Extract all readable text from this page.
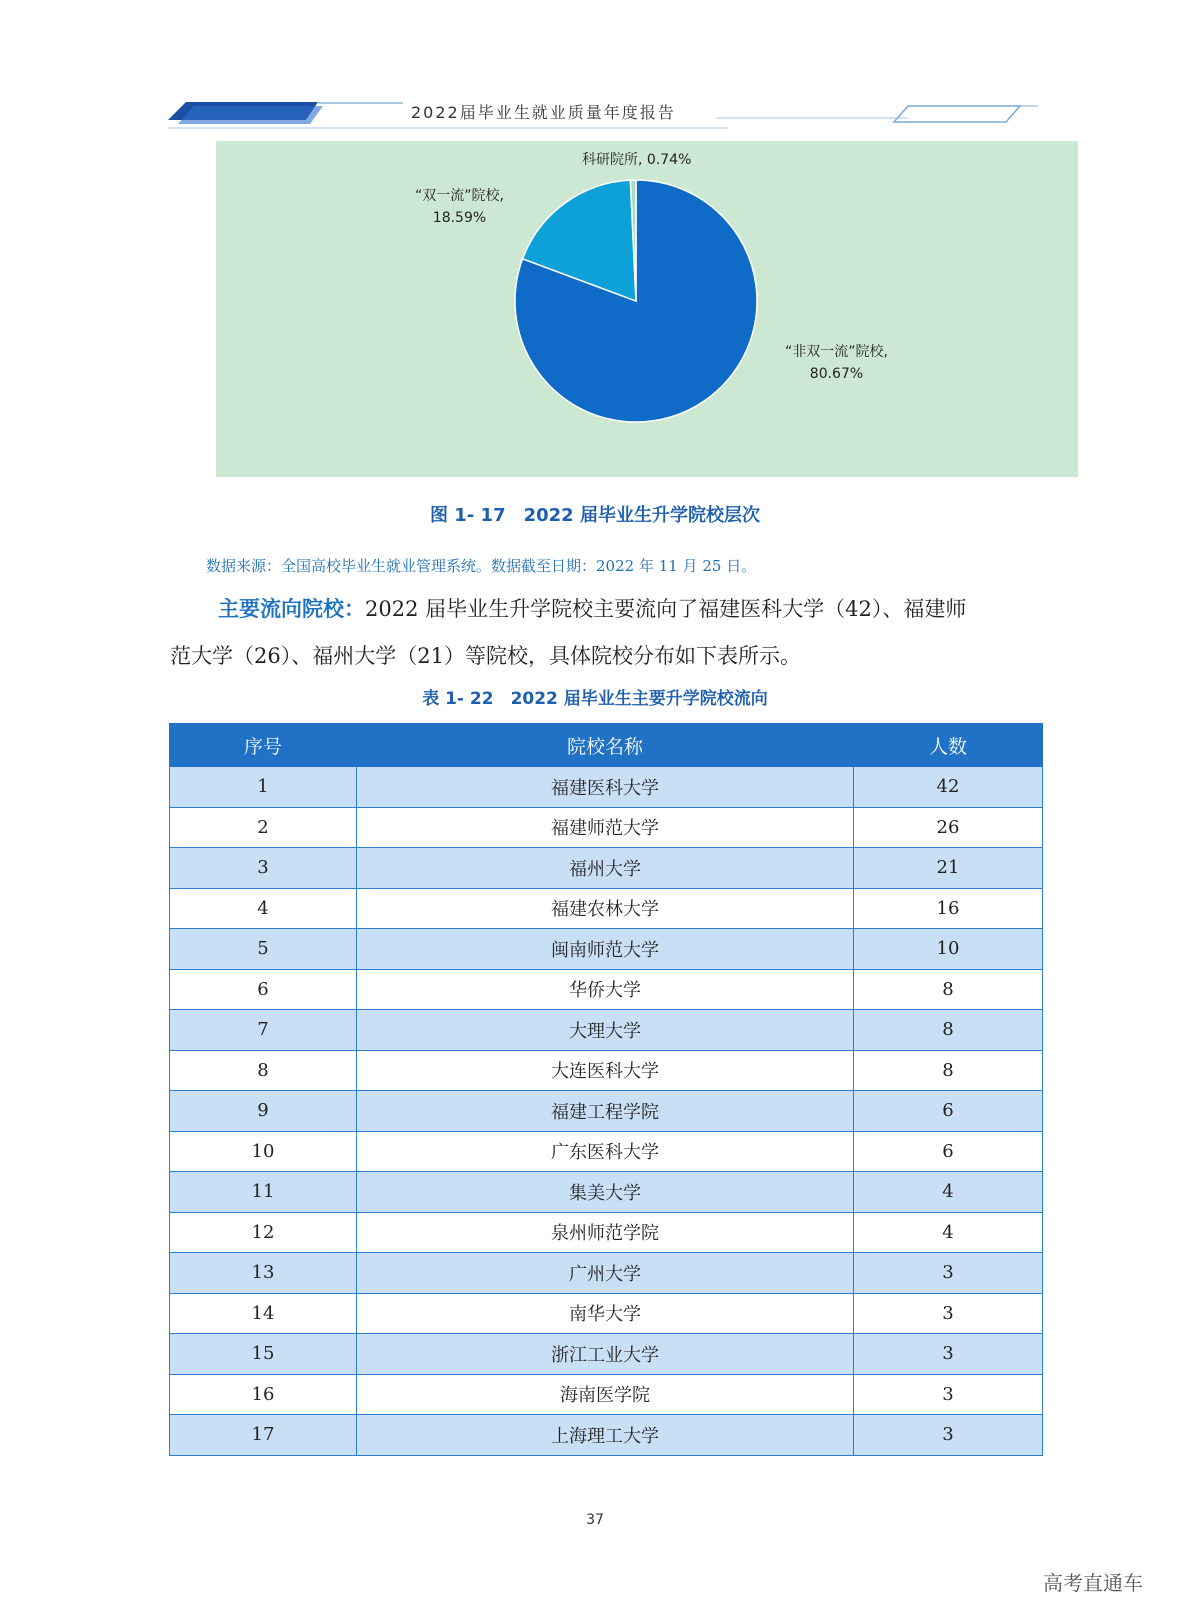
2022届毕业生就业质量年度报告
“非双一流”院校,
80.67%
“双一流”院校,
18.59%
科研院所, 0.74%
图 1- 17　2022 届毕业生升学院校层次
数据来源：全国高校毕业生就业管理系统。数据截至日期：2022 年 11 月 25 日。
主要流向院校：2022 届毕业生升学院校主要流向了福建医科大学（42）、福建师
范大学（26）、福州大学（21）等院校，具体院校分布如下表所示。
表 1- 22　2022 届毕业生主要升学院校流向
序号	院校名称	人数
1	福建医科大学	42
2	福建师范大学	26
3	福州大学	21
4	福建农林大学	16
5	闽南师范大学	10
6	华侨大学	8
7	大理大学	8
8	大连医科大学	8
9	福建工程学院	6
10	广东医科大学	6
11	集美大学	4
12	泉州师范学院	4
13	广州大学	3
14	南华大学	3
15	浙江工业大学	3
16	海南医学院	3
17	上海理工大学	3
37
高考直通车
